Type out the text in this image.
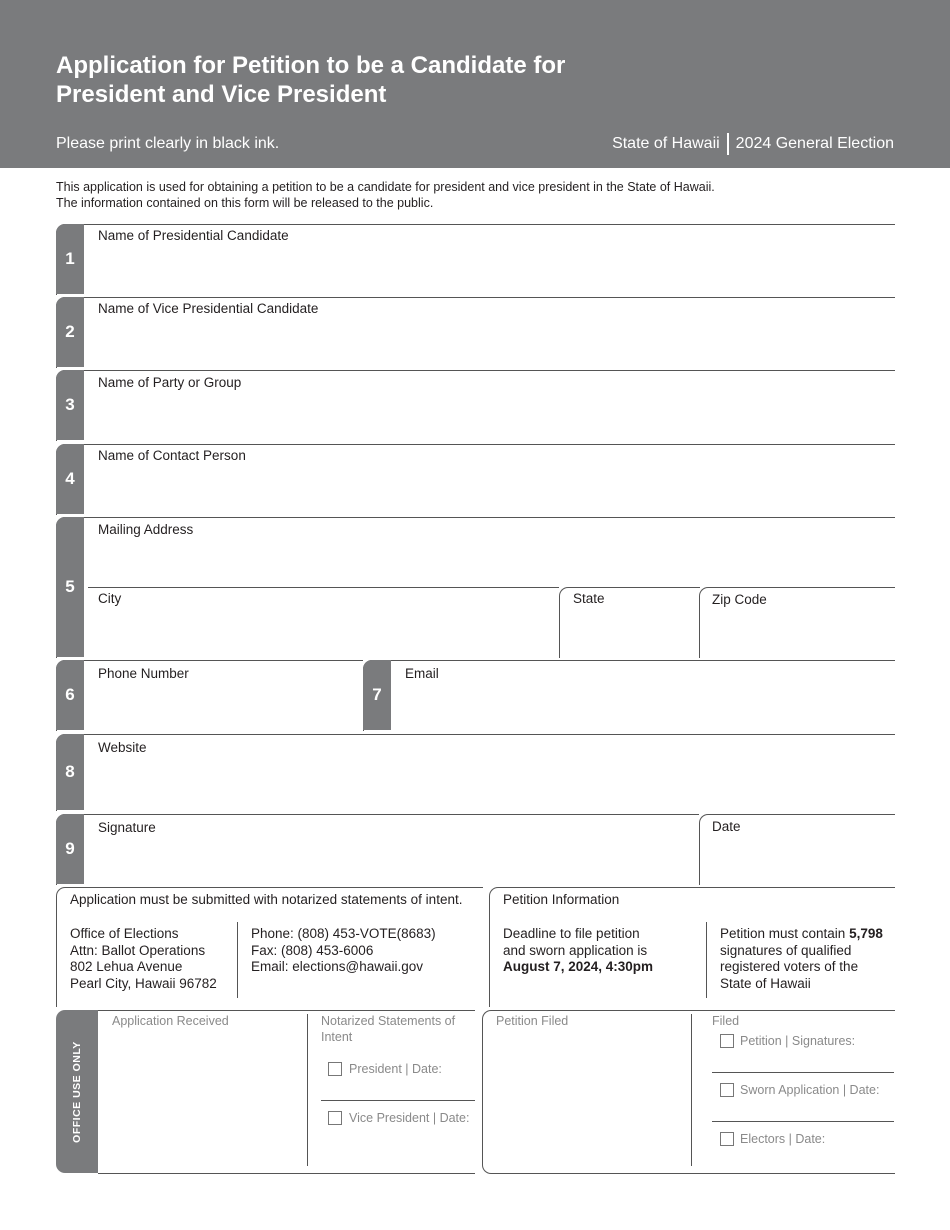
Application for Petition to be a Candidate for
President and Vice President
Please print clearly in black ink.	State of Hawaii 2024 General Election
This application is used for obtaining a petition to be a candidate for president and vice president in the State of Hawaii.
The information contained on this form will be released to the public.
1
Name of Presidential Candidate
2
Name of Vice Presidential Candidate
3
Name of Party or Group
4
Name of Contact Person
5
Mailing Address
City	State	Zip Code
6
Phone Number
7
Email
8
Website
9
Signature	Date
Application must be submitted with notarized statements of intent.
Office of Elections
Attn: Ballot Operations
802 Lehua Avenue
Pearl City, Hawaii 96782
Phone: (808) 453-VOTE(8683)
Fax: (808) 453-6006
Email: elections@hawaii.gov
Petition Information
Deadline to file petition
and sworn application is
August 7, 2024, 4:30pm
Petition must contain 5,798
signatures of qualified
registered voters of the
State of Hawaii
OFFICE USE ONLY
Application Received	Notarized Statements of
Intent
President | Date:
Vice President | Date:
Petition Filed	Filed
Petition | Signatures:
Sworn Application | Date:
Electors | Date:
